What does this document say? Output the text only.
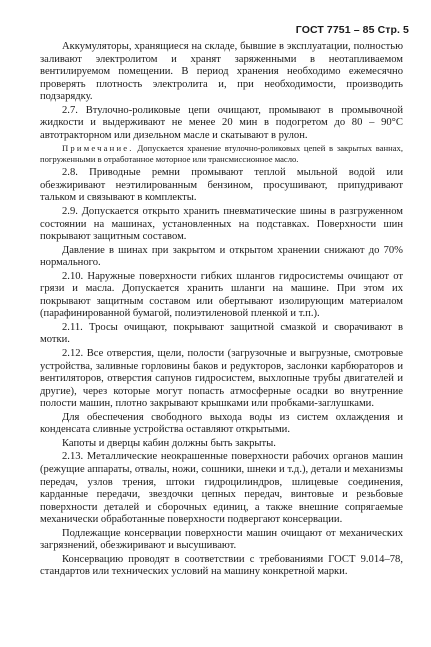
ГОСТ 7751 – 85 Стр. 5

Аккумуляторы, хранящиеся на складе, бывшие в эксплуатации, полностью заливают электролитом и хранят заряженными в неотапливаемом вентилируемом помещении. В период хранения необходимо ежемесячно проверять плотность электролита и, при необходимости, производить подзарядку.

2.7. Втулочно-роликовые цепи очищают, промывают в промывочной жидкости и выдерживают не менее 20 мин в подогретом до 80 – 90°С автотракторном или дизельном масле и скатывают в рулон.

Примечание. Допускается хранение втулочно-роликовых цепей в закрытых ваннах, погруженными в отработанное моторное или трансмиссионное масло.

2.8. Приводные ремни промывают теплой мыльной водой или обезжиривают неэтилированным бензином, просушивают, припудривают тальком и связывают в комплекты.

2.9. Допускается открыто хранить пневматические шины в разгруженном состоянии на машинах, установленных на подставках. Поверхности шин покрывают защитным составом.

Давление в шинах при закрытом и открытом хранении снижают до 70% нормального.

2.10. Наружные поверхности гибких шлангов гидросистемы очищают от грязи и масла. Допускается хранить шланги на машине. При этом их покрывают защитным составом или обертывают изолирующим материалом (парафинированной бумагой, полиэтиленовой пленкой и т.п.).

2.11. Тросы очищают, покрывают защитной смазкой и сворачивают в мотки.

2.12. Все отверстия, щели, полости (загрузочные и выгрузные, смотровые устройства, заливные горловины баков и редукторов, заслонки карбюраторов и вентиляторов, отверстия сапунов гидросистем, выхлопные трубы двигателей и другие), через которые могут попасть атмосферные осадки во внутренние полости машин, плотно закрывают крышками или пробками-заглушками.

Для обеспечения свободного выхода воды из систем охлаждения и конденсата сливные устройства оставляют открытыми.

Капоты и дверцы кабин должны быть закрыты.

2.13. Металлические неокрашенные поверхности рабочих органов машин (режущие аппараты, отвалы, ножи, сошники, шнеки и т.д.), детали и механизмы передач, узлов трения, штоки гидроцилиндров, шлицевые соединения, карданные передачи, звездочки цепных передач, винтовые и резьбовые поверхности деталей и сборочных единиц, а также внешние сопрягаемые механически обработанные поверхности подвергают консервации.

Подлежащие консервации поверхности машин очищают от механических загрязнений, обезжиривают и высушивают.

Консервацию проводят в соответствии с требованиями ГОСТ 9.014–78, стандартов или технических условий на машину конкретной марки.
